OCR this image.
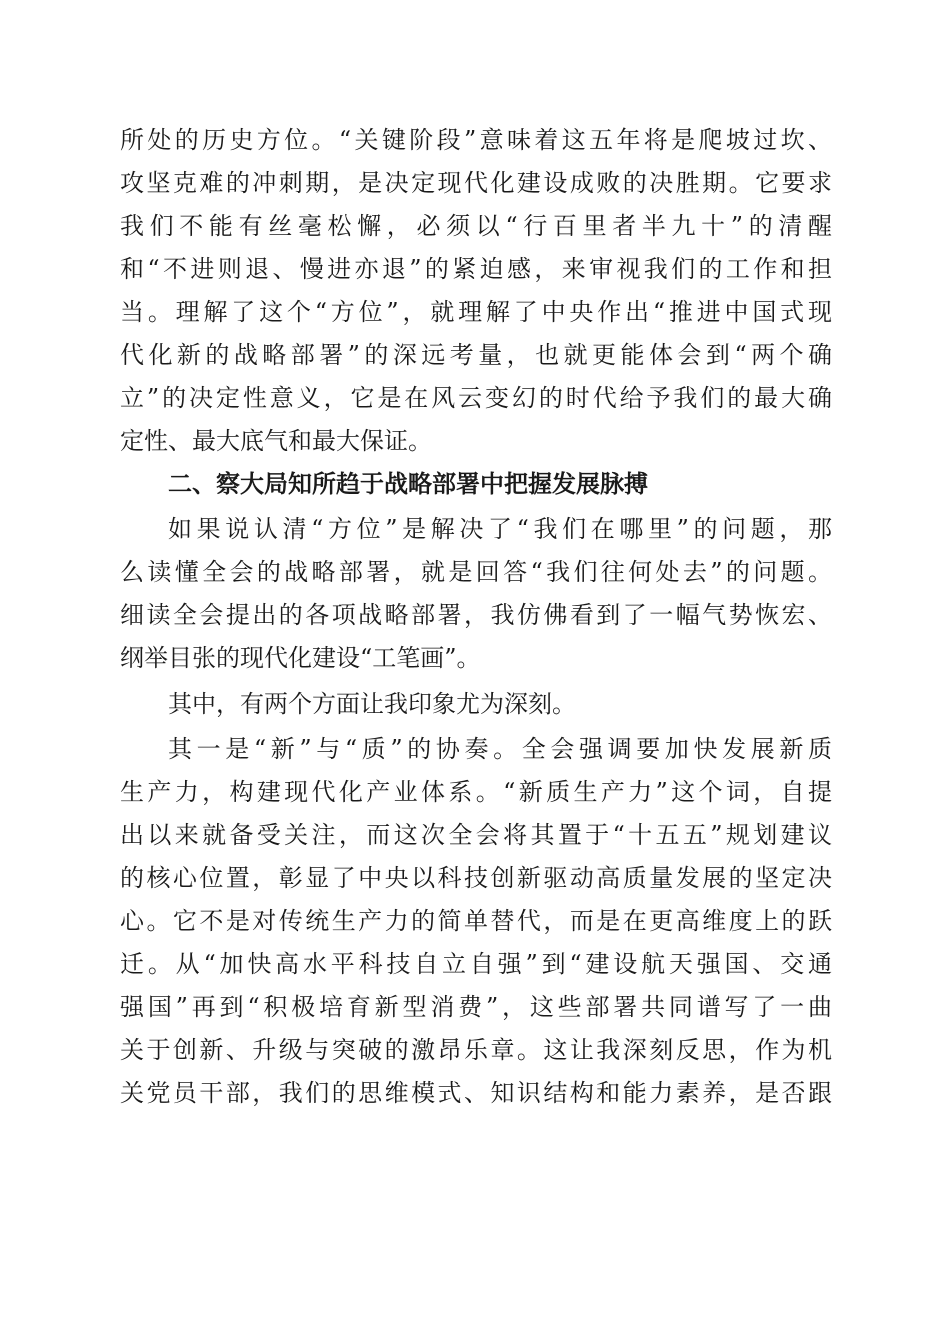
所处的历史方位。“关键阶段”意味着这五年将是爬坡过坎、
攻坚克难的冲刺期，是决定现代化建设成败的决胜期。它要求
我们不能有丝毫松懈，必须以“行百里者半九十”的清醒
和“不进则退、慢进亦退”的紧迫感，来审视我们的工作和担
当。理解了这个“方位”，就理解了中央作出“推进中国式现
代化新的战略部署”的深远考量，也就更能体会到“两个确
立”的决定性意义，它是在风云变幻的时代给予我们的最大确
定性、最大底气和最大保证。
二、察大局知所趋于战略部署中把握发展脉搏
如果说认清“方位”是解决了“我们在哪里”的问题，那
么读懂全会的战略部署，就是回答“我们往何处去”的问题。
细读全会提出的各项战略部署，我仿佛看到了一幅气势恢宏、
纲举目张的现代化建设“工笔画”。
其中，有两个方面让我印象尤为深刻。
其一是“新”与“质”的协奏。全会强调要加快发展新质
生产力，构建现代化产业体系。“新质生产力”这个词，自提
出以来就备受关注，而这次全会将其置于“十五五”规划建议
的核心位置，彰显了中央以科技创新驱动高质量发展的坚定决
心。它不是对传统生产力的简单替代，而是在更高维度上的跃
迁。从“加快高水平科技自立自强”到“建设航天强国、交通
强国”再到“积极培育新型消费”，这些部署共同谱写了一曲
关于创新、升级与突破的激昂乐章。这让我深刻反思，作为机
关党员干部，我们的思维模式、知识结构和能力素养，是否跟
